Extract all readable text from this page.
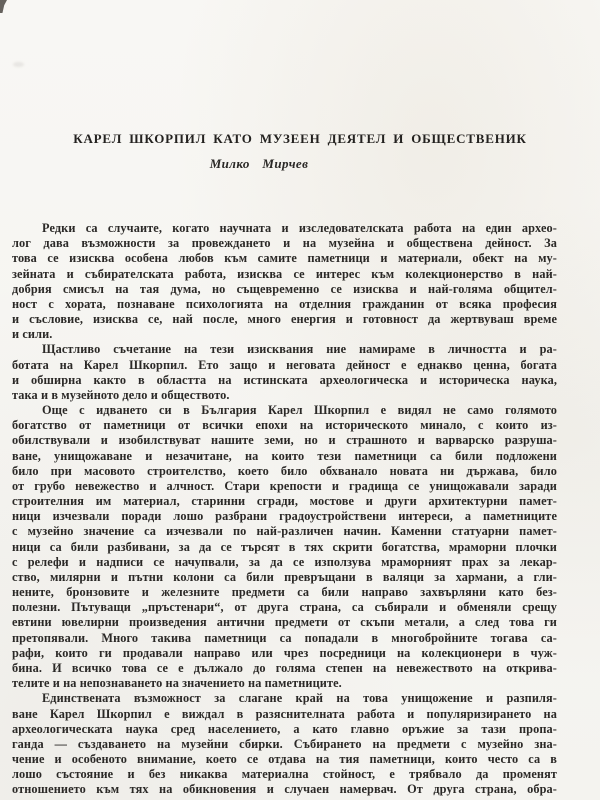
КАРЕЛ ШКОРПИЛ КАТО МУЗЕЕН ДЕЯТЕЛ И ОБЩЕСТВЕНИК
Милко Мирчев
Редки са случаите, когато научната и изследователската работа на един архео-
лог дава възможности за провеждането и на музейна и обществена дейност. За
това се изисква особена любов към самите паметници и материали, обект на му-
зейната и събирателската работа, изисква се интерес към колекционерство в най-
добрия смисъл на тая дума, но същевременно се изисква и най-голяма общител-
ност с хората, познаване психологията на отделния гражданин от всяка професия
и съсловие, изисква се, най после, много енергия и готовност да жертвуваш време
и сили.
Щастливо съчетание на тези изисквания ние намираме в личността и ра-
ботата на Карел Шкорпил. Ето защо и неговата дейност е еднакво ценна, богата
и обширна както в областта на истинската археологическа и историческа наука,
така и в музейното дело и обществото.
Още с идването си в България Карел Шкорпил е видял не само голямото
богатство от паметници от всички епохи на историческото минало, с които из-
обилствували и изобилствуват нашите земи, но и страшното и варварско разруша-
ване, унищожаване и незачитане, на които тези паметници са били подложени
било при масовото строителство, което било обхванало новата ни държава, било
от грубо невежество и алчност. Стари крепости и градища се унищожавали заради
строителния им материал, старинни сгради, мостове и други архитектурни памет-
ници изчезвали поради лошо разбрани градоустройствени интереси, а паметниците
с музейно значение са изчезвали по най-различен начин. Каменни статуарни памет-
ници са били разбивани, за да се търсят в тях скрити богатства, мраморни плочки
с релефи и надписи се начупвали, за да се използува мраморният прах за лекар-
ство, милярни и пътни колони са били превръщани в валяци за хармани, а гли-
нените, бронзовите и железните предмети са били направо захвърляни като без-
полезни. Пътуващи „пръстенари“, от друга страна, са събирали и обменяли срещу
евтини ювелирни произведения антични предмети от скъпи метали, а след това ги
претопявали. Много такива паметници са попадали в многобройните тогава са-
рафи, които ги продавали направо или чрез посредници на колекционери в чуж-
бина. И всичко това се е дължало до голяма степен на невежеството на открива-
телите и на непознаването на значението на паметниците.
Единствената възможност за слагане край на това унищожение и разпиля-
ване Карел Шкорпил е виждал в разяснителната работа и популяризирането на
археологическата наука сред населението, а като главно оръжие за тази пропа-
ганда — създаването на музейни сбирки. Събирането на предмети с музейно зна-
чение и особеното внимание, което се отдава на тия паметници, които често са в
лошо състояние и без никаква материална стойност, е трябвало да променят
отношението към тях на обикновения и случаен намервач. От друга страна, обра-
